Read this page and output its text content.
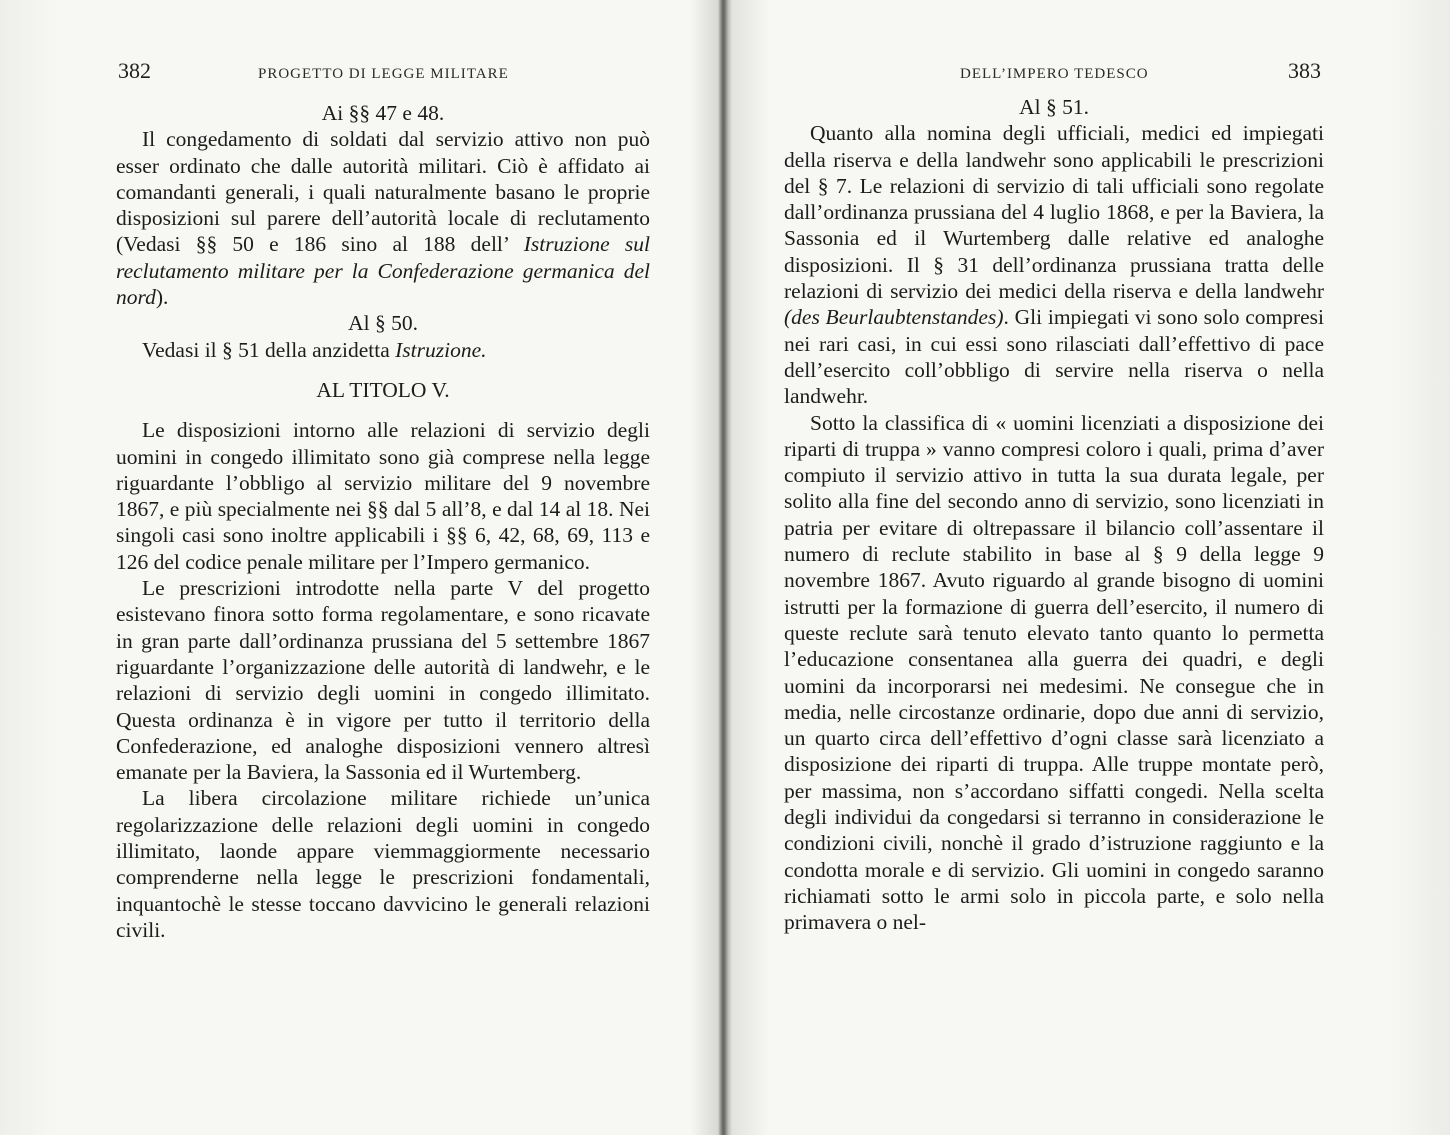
382	PROGETTO DI LEGGE MILITARE

Ai §§ 47 e 48.

Il congedamento di soldati dal servizio attivo non può esser ordinato che dalle autorità militari. Ciò è affidato ai comandanti generali, i quali naturalmente basano le proprie disposizioni sul parere dell’autorità locale di reclutamento (Vedasi §§ 50 e 186 sino al 188 dell’ Istruzione sul reclutamento militare per la Confederazione germanica del nord).

Al § 50.

Vedasi il § 51 della anzidetta Istruzione.

AL TITOLO V.

Le disposizioni intorno alle relazioni di servizio degli uomini in congedo illimitato sono già comprese nella legge riguardante l’obbligo al servizio militare del 9 novembre 1867, e più specialmente nei §§ dal 5 all’8, e dal 14 al 18. Nei singoli casi sono inoltre applicabili i §§ 6, 42, 68, 69, 113 e 126 del codice penale militare per l’Impero germanico.

Le prescrizioni introdotte nella parte V del progetto esistevano finora sotto forma regolamentare, e sono ricavate in gran parte dall’ordinanza prussiana del 5 settembre 1867 riguardante l’organizzazione delle autorità di landwehr, e le relazioni di servizio degli uomini in congedo illimitato. Questa ordinanza è in vigore per tutto il territorio della Confederazione, ed analoghe disposizioni vennero altresì emanate per la Baviera, la Sassonia ed il Wurtemberg.

La libera circolazione militare richiede un’unica regolarizzazione delle relazioni degli uomini in congedo illimitato, laonde appare viemmaggiormente necessario comprenderne nella legge le prescrizioni fondamentali, inquantochè le stesse toccano davvicino le generali relazioni civili.

DELL’IMPERO TEDESCO	383

Al § 51.

Quanto alla nomina degli ufficiali, medici ed impiegati della riserva e della landwehr sono applicabili le prescrizioni del § 7. Le relazioni di servizio di tali ufficiali sono regolate dall’ordinanza prussiana del 4 luglio 1868, e per la Baviera, la Sassonia ed il Wurtemberg dalle relative ed analoghe disposizioni. Il § 31 dell’ordinanza prussiana tratta delle relazioni di servizio dei medici della riserva e della landwehr (des Beurlaubtenstandes). Gli impiegati vi sono solo compresi nei rari casi, in cui essi sono rilasciati dall’effettivo di pace dell’esercito coll’obbligo di servire nella riserva o nella landwehr.

Sotto la classifica di « uomini licenziati a disposizione dei riparti di truppa » vanno compresi coloro i quali, prima d’aver compiuto il servizio attivo in tutta la sua durata legale, per solito alla fine del secondo anno di servizio, sono licenziati in patria per evitare di oltrepassare il bilancio coll’assentare il numero di reclute stabilito in base al § 9 della legge 9 novembre 1867. Avuto riguardo al grande bisogno di uomini istrutti per la formazione di guerra dell’esercito, il numero di queste reclute sarà tenuto elevato tanto quanto lo permetta l’educazione consentanea alla guerra dei quadri, e degli uomini da incorporarsi nei medesimi. Ne consegue che in media, nelle circostanze ordinarie, dopo due anni di servizio, un quarto circa dell’effettivo d’ogni classe sarà licenziato a disposizione dei riparti di truppa. Alle truppe montate però, per massima, non s’accordano siffatti congedi. Nella scelta degli individui da congedarsi si terranno in considerazione le condizioni civili, nonchè il grado d’istruzione raggiunto e la condotta morale e di servizio. Gli uomini in congedo saranno richiamati sotto le armi solo in piccola parte, e solo nella primavera o nel-
